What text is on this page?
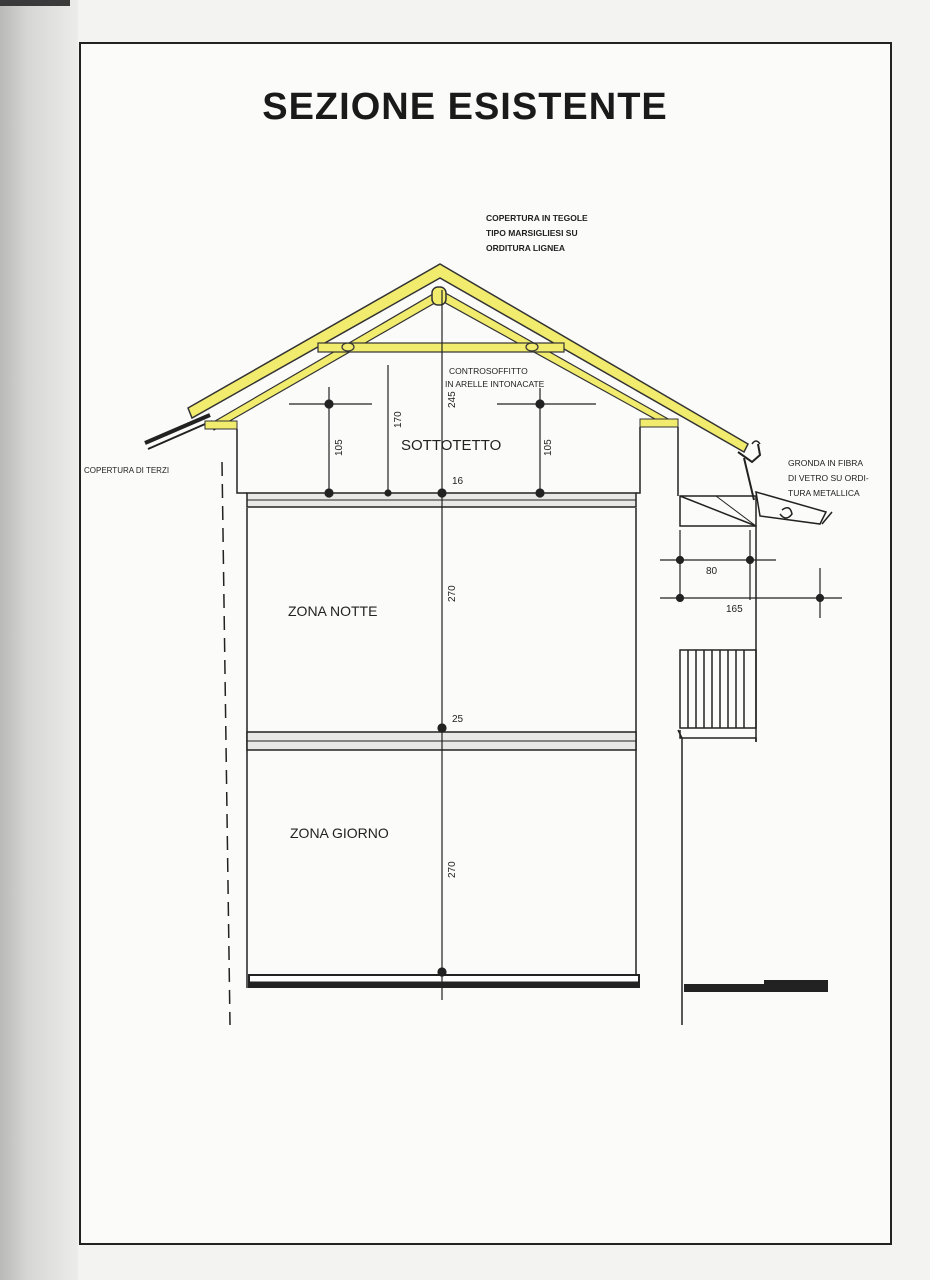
SEZIONE ESISTENTE
105
170
245
105
16
270
25
270
80
165
SOTTOTETTO
ZONA NOTTE
ZONA GIORNO
COPERTURA IN TEGOLE
TIPO MARSIGLIESI SU
ORDITURA LIGNEA
CONTROSOFFITTO
IN ARELLE INTONACATE
GRONDA IN FIBRA
DI VETRO SU ORDI-
TURA METALLICA
COPERTURA DI TERZI
